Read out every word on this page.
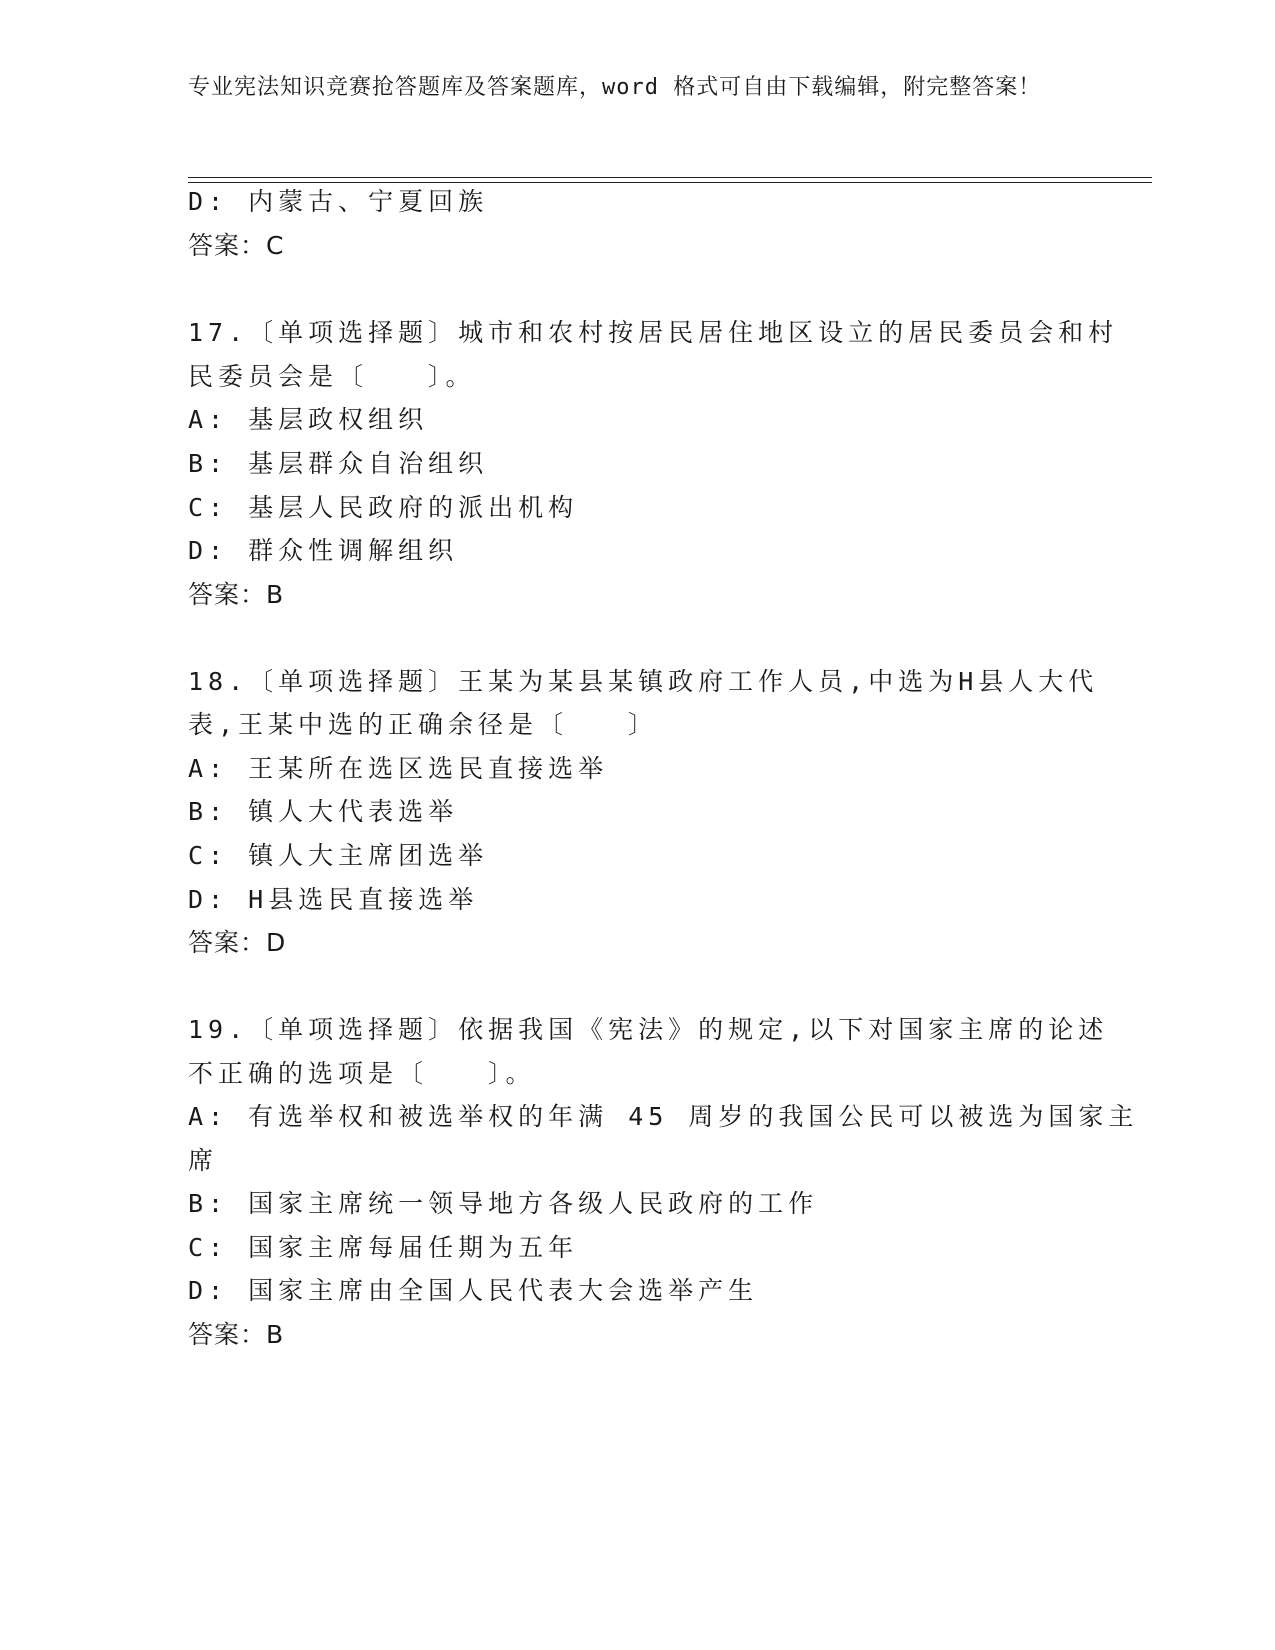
专业宪法知识竞赛抢答题库及答案题库，word 格式可自由下载编辑，附完整答案！
D: 内蒙古、宁夏回族
答案：C
17.〔单项选择题〕城市和农村按居民居住地区设立的居民委员会和村
民委员会是〔　　〕。
A: 基层政权组织
B: 基层群众自治组织
C: 基层人民政府的派出机构
D: 群众性调解组织
答案：B
18.〔单项选择题〕王某为某县某镇政府工作人员,中选为H县人大代
表,王某中选的正确余径是〔　　〕
A: 王某所在选区选民直接选举
B: 镇人大代表选举
C: 镇人大主席团选举
D: H县选民直接选举
答案：D
19.〔单项选择题〕依据我国《宪法》的规定,以下对国家主席的论述
不正确的选项是〔　　〕。
A: 有选举权和被选举权的年满 45 周岁的我国公民可以被选为国家主
席
B: 国家主席统一领导地方各级人民政府的工作
C: 国家主席每届任期为五年
D: 国家主席由全国人民代表大会选举产生
答案：B
